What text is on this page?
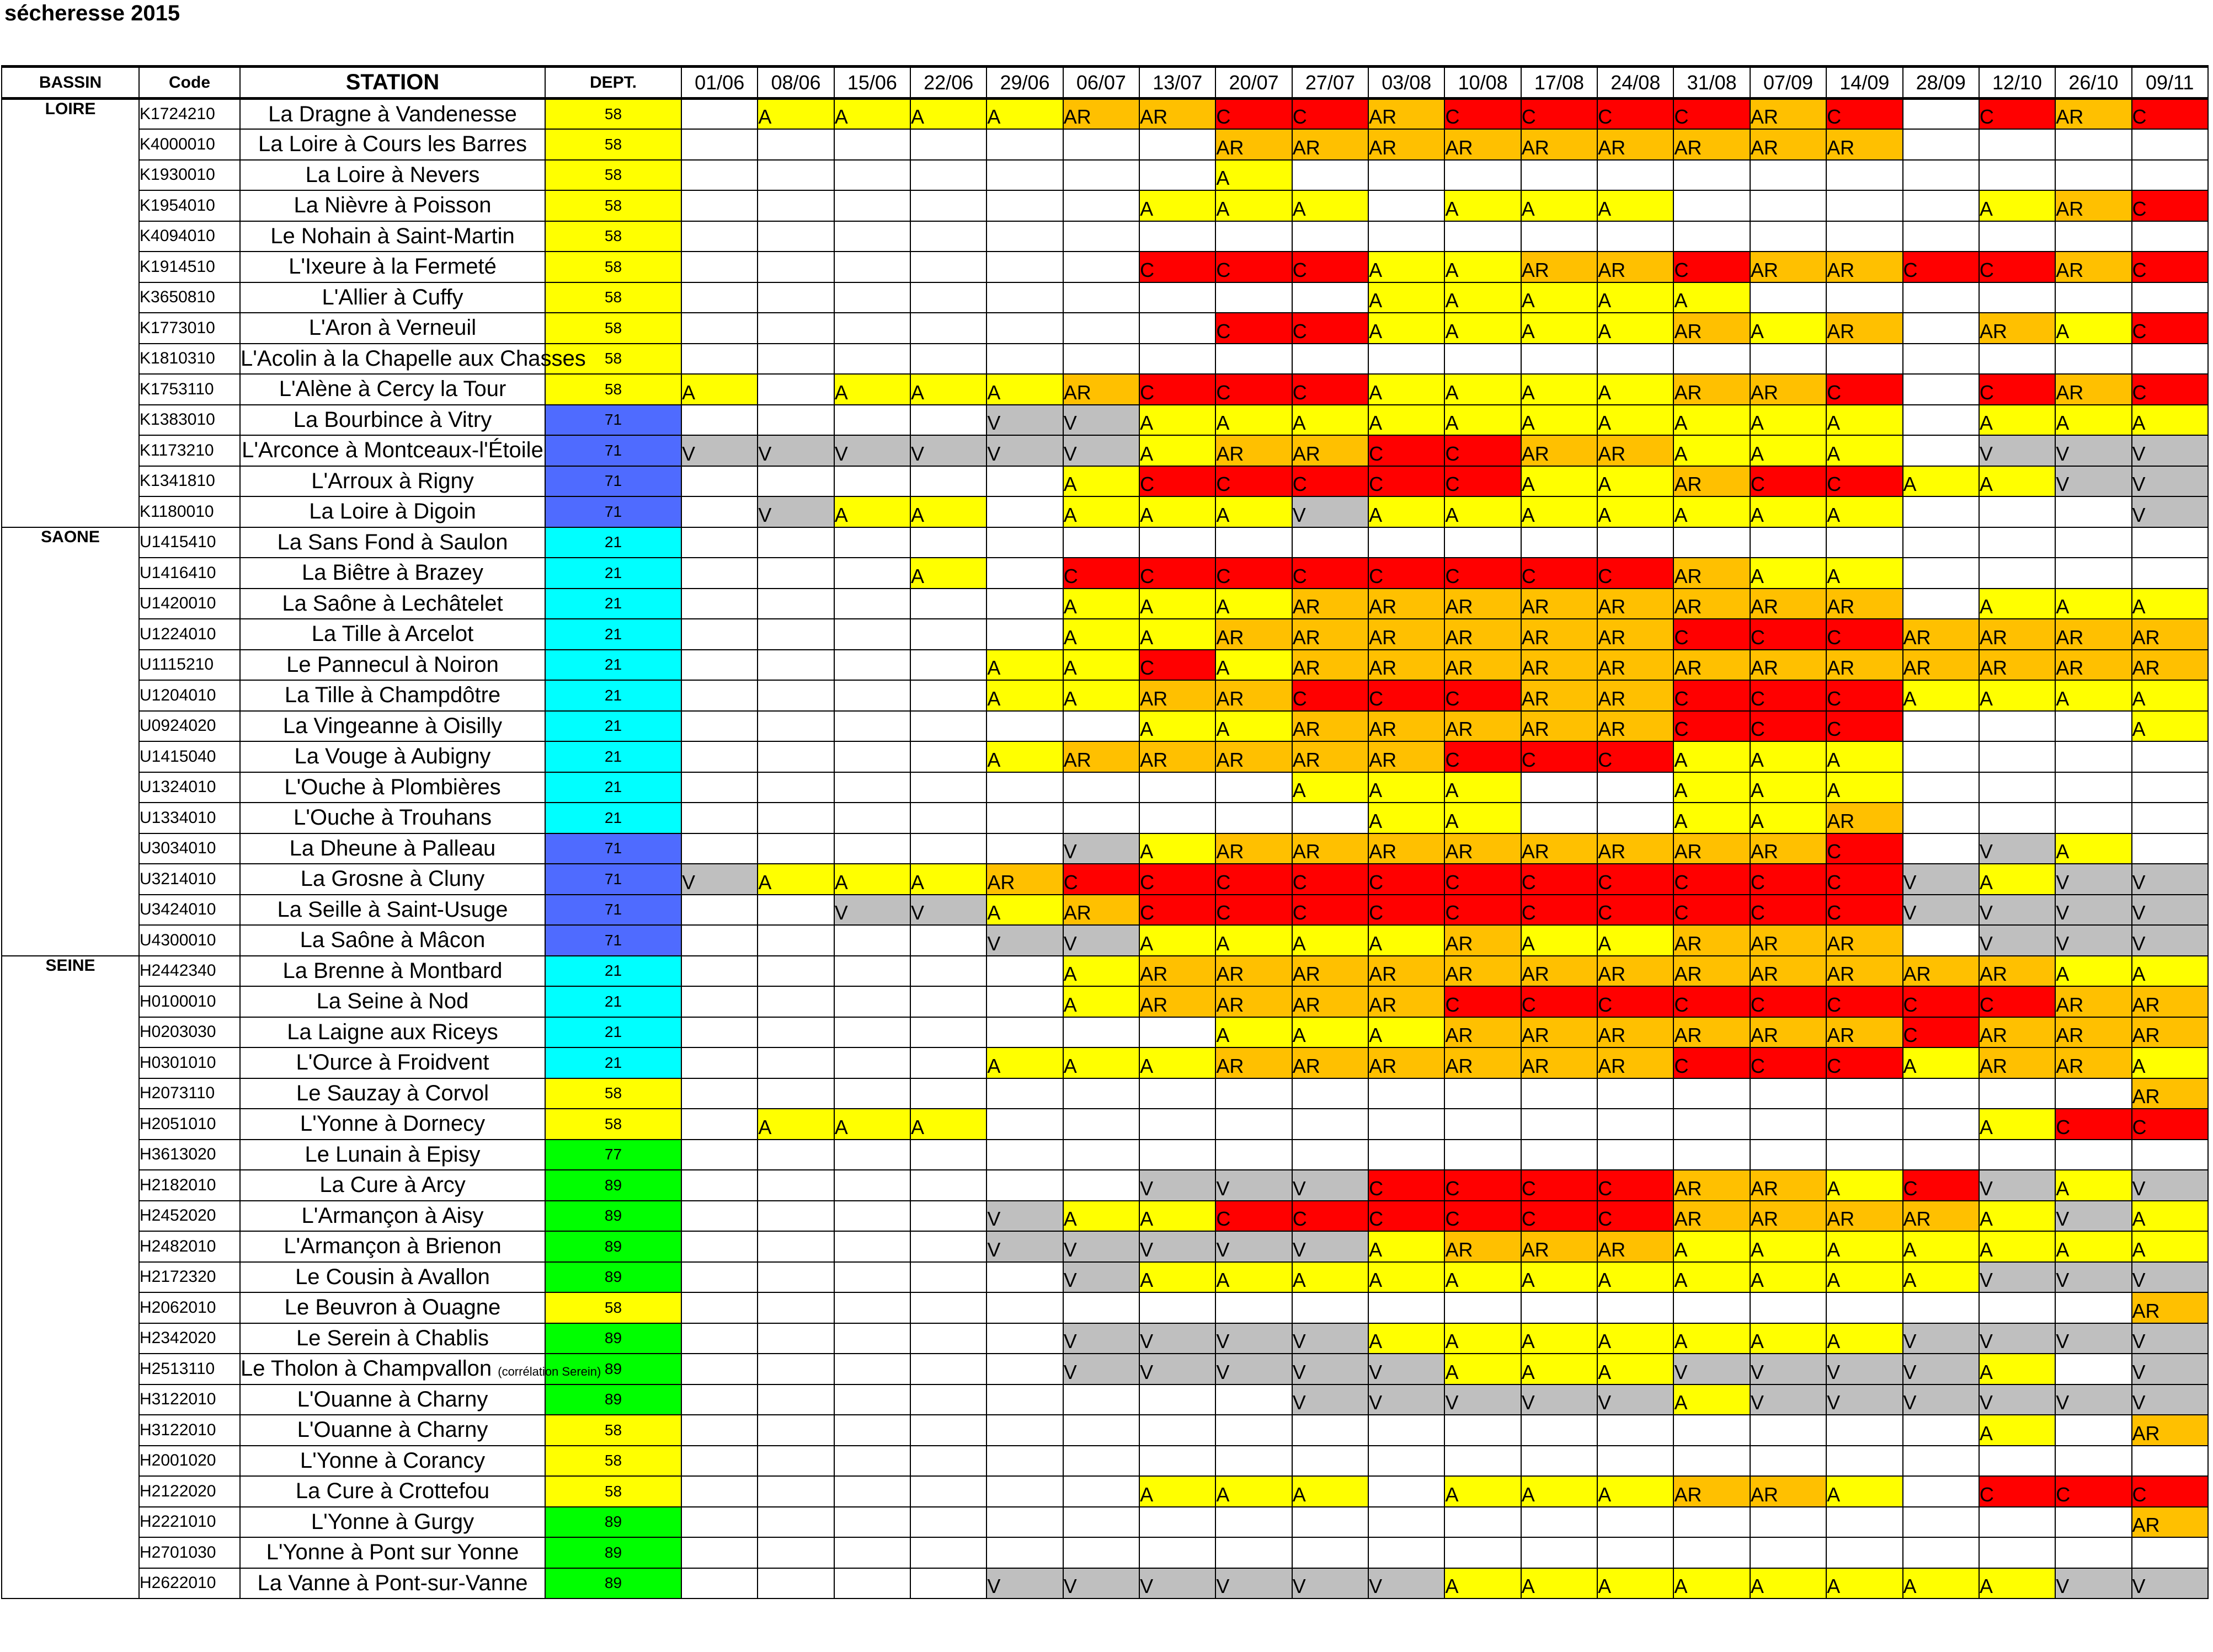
sécheresse 2015
BASSIN	Code	STATION	DEPT.	01/06	08/06	15/06	22/06	29/06	06/07	13/07	20/07	27/07	03/08	10/08	17/08	24/08	31/08	07/09	14/09	28/09	12/10	26/10	09/11
LOIRE	K1724210	La Dragne à Vandenesse	58		A	A	A	A	AR	AR	C	C	AR	C	C	C	C	AR	C		C	AR	C
	K4000010	La Loire à Cours les Barres	58								AR	AR	AR	AR	AR	AR	AR	AR	AR				
	K1930010	La Loire à Nevers	58								A												
	K1954010	La Nièvre à Poisson	58							A	A	A		A	A	A					A	AR	C
	K4094010	Le Nohain à Saint-Martin	58																				
	K1914510	L'Ixeure à la Fermeté	58							C	C	C	A	A	AR	AR	C	AR	AR	C	C	AR	C
	K3650810	L'Allier à Cuffy	58										A	A	A	A	A						
	K1773010	L'Aron à Verneuil	58								C	C	A	A	A	A	AR	A	AR		AR	A	C
	K1810310	L'Acolin à la Chapelle aux Chasses	58																				
	K1753110	L'Alène à Cercy la Tour	58	A		A	A	A	AR	C	C	C	A	A	A	A	AR	AR	C		C	AR	C
	K1383010	La Bourbince à Vitry	71					V	V	A	A	A	A	A	A	A	A	A	A		A	A	A
	K1173210	L'Arconce à Montceaux-l'Étoile	71	V	V	V	V	V	V	A	AR	AR	C	C	AR	AR	A	A	A		V	V	V
	K1341810	L'Arroux à Rigny	71						A	C	C	C	C	C	A	A	AR	C	C	A	A	V	V
	K1180010	La Loire à Digoin	71		V	A	A		A	A	A	V	A	A	A	A	A	A	A				V
SAONE	U1415410	La Sans Fond à Saulon	21																				
	U1416410	La Biêtre à Brazey	21				A		C	C	C	C	C	C	C	C	AR	A	A				
	U1420010	La Saône à Lechâtelet	21						A	A	A	AR	AR	AR	AR	AR	AR	AR	AR		A	A	A
	U1224010	La Tille à Arcelot	21						A	A	AR	AR	AR	AR	AR	AR	C	C	C	AR	AR	AR	AR
	U1115210	Le Pannecul à Noiron	21					A	A	C	A	AR	AR	AR	AR	AR	AR	AR	AR	AR	AR	AR	AR
	U1204010	La Tille à Champdôtre	21					A	A	AR	AR	C	C	C	AR	AR	C	C	C	A	A	A	A
	U0924020	La Vingeanne à Oisilly	21							A	A	AR	AR	AR	AR	AR	C	C	C				A
	U1415040	La Vouge à Aubigny	21					A	AR	AR	AR	AR	AR	C	C	C	A	A	A				
	U1324010	L'Ouche à Plombières	21									A	A	A			A	A	A				
	U1334010	L'Ouche à Trouhans	21										A	A			A	A	AR				
	U3034010	La Dheune à Palleau	71						V	A	AR	AR	AR	AR	AR	AR	AR	AR	C		V	A	
	U3214010	La Grosne à Cluny	71	V	A	A	A	AR	C	C	C	C	C	C	C	C	C	C	C	V	A	V	V
	U3424010	La Seille à Saint-Usuge	71			V	V	A	AR	C	C	C	C	C	C	C	C	C	C	V	V	V	V
	U4300010	La Saône à Mâcon	71					V	V	A	A	A	A	AR	A	A	AR	AR	AR		V	V	V
SEINE	H2442340	La Brenne à Montbard	21						A	AR	AR	AR	AR	AR	AR	AR	AR	AR	AR	AR	AR	A	A
	H0100010	La Seine à Nod	21						A	AR	AR	AR	AR	C	C	C	C	C	C	C	C	AR	AR
	H0203030	La Laigne aux Riceys	21								A	A	A	AR	AR	AR	AR	AR	AR	C	AR	AR	AR
	H0301010	L'Ource à Froidvent	21					A	A	A	AR	AR	AR	AR	AR	AR	C	C	C	A	AR	AR	A
	H2073110	Le Sauzay à Corvol	58																				AR
	H2051010	L'Yonne à Dornecy	58		A	A	A														A	C	C
	H3613020	Le Lunain à Episy	77																				
	H2182010	La Cure à Arcy	89							V	V	V	C	C	C	C	AR	AR	A	C	V	A	V
	H2452020	L'Armançon à Aisy	89					V	A	A	C	C	C	C	C	C	AR	AR	AR	AR	A	V	A
	H2482010	L'Armançon à Brienon	89					V	V	V	V	V	A	AR	AR	AR	A	A	A	A	A	A	A
	H2172320	Le Cousin à Avallon	89						V	A	A	A	A	A	A	A	A	A	A	A	V	V	V
	H2062010	Le Beuvron à Ouagne	58																				AR
	H2342020	Le Serein à Chablis	89						V	V	V	V	A	A	A	A	A	A	A	V	V	V	V
	H2513110	Le Tholon à Champvallon (corrélation Serein)	89						V	V	V	V	V	A	A	A	V	V	V	V	A		V
	H3122010	L'Ouanne à Charny	89									V	V	V	V	V	A	V	V	V	V	V	V
	H3122010	L'Ouanne à Charny	58																		A		AR
	H2001020	L'Yonne à Corancy	58																				
	H2122020	La Cure à Crottefou	58							A	A	A		A	A	A	AR	AR	A		C	C	C
	H2221010	L'Yonne à Gurgy	89																				AR
	H2701030	L'Yonne à Pont sur Yonne	89																				
	H2622010	La Vanne à Pont-sur-Vanne	89					V	V	V	V	V	V	A	A	A	A	A	A	A	A	V	V
